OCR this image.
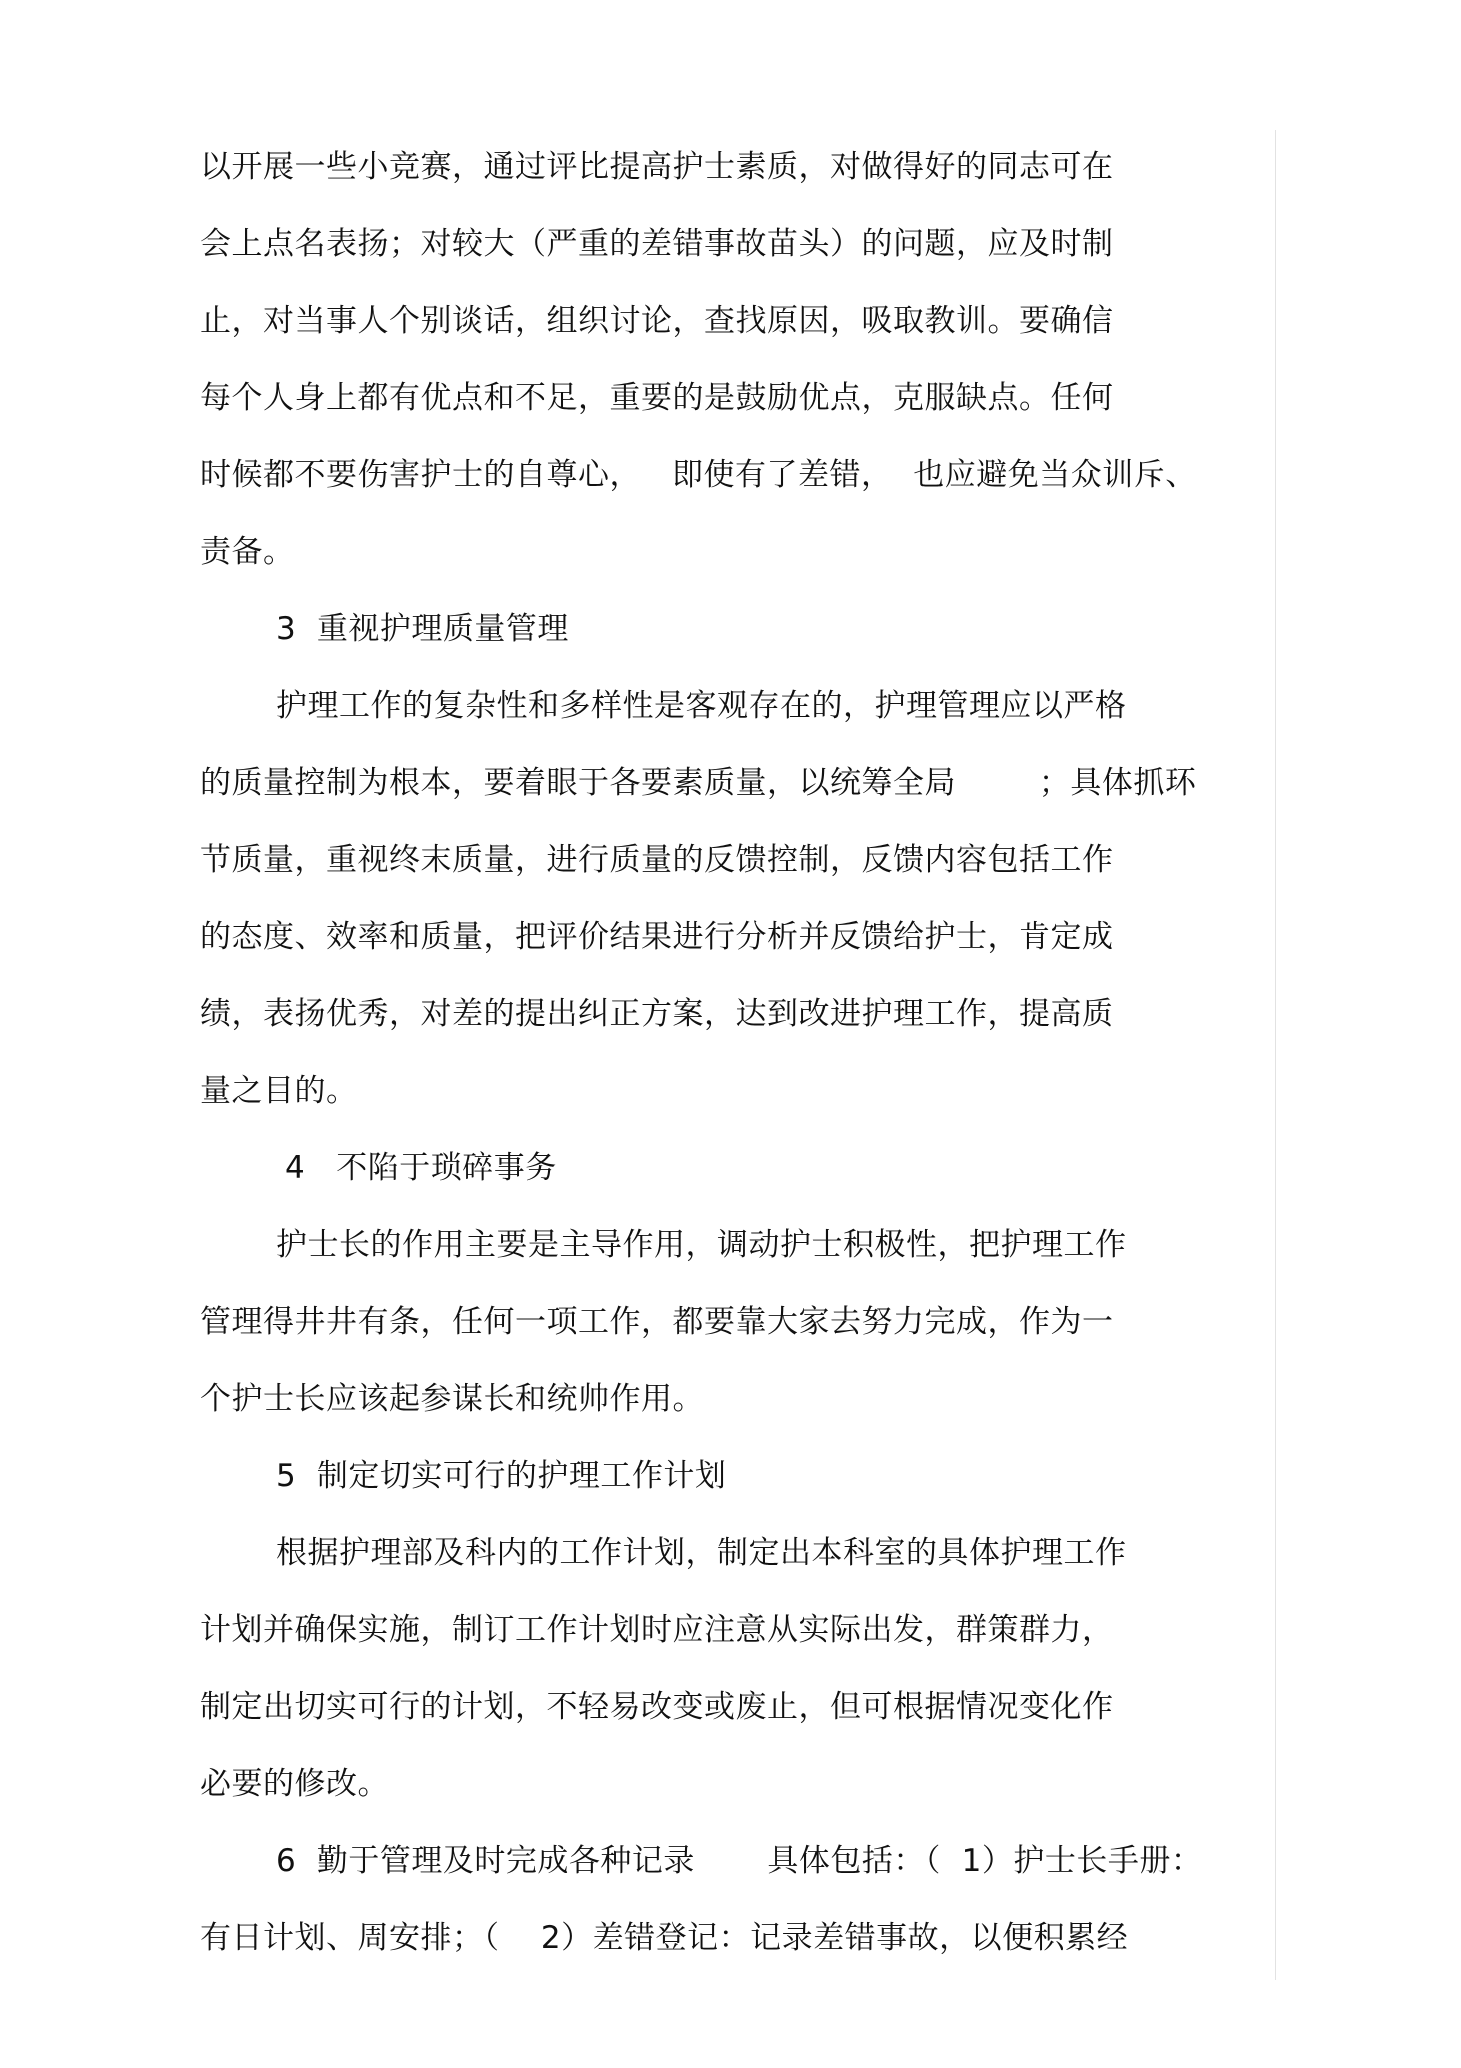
以开展一些小竞赛，通过评比提高护士素质，对做得好的同志可在
会上点名表扬；对较大（严重的差错事故苗头）的问题，应及时制
止，对当事人个别谈话，组织讨论，查找原因，吸取教训。要确信
每个人身上都有优点和不足，重要的是鼓励优点，克服缺点。任何
时候都不要伤害护士的自尊心，   即使有了差错，  也应避免当众训斥、
责备。
3  重视护理质量管理
护理工作的复杂性和多样性是客观存在的，护理管理应以严格
的质量控制为根本，要着眼于各要素质量，以统筹全局        ；具体抓环
节质量，重视终末质量，进行质量的反馈控制，反馈内容包括工作
的态度、效率和质量，把评价结果进行分析并反馈给护士，肯定成
绩，表扬优秀，对差的提出纠正方案，达到改进护理工作，提高质
量之目的。
4   不陷于琐碎事务
护士长的作用主要是主导作用，调动护士积极性，把护理工作
管理得井井有条，任何一项工作，都要靠大家去努力完成，作为一
个护士长应该起参谋长和统帅作用。
5  制定切实可行的护理工作计划
根据护理部及科内的工作计划，制定出本科室的具体护理工作
计划并确保实施，制订工作计划时应注意从实际出发，群策群力，
制定出切实可行的计划，不轻易改变或废止，但可根据情况变化作
必要的修改。
6  勤于管理及时完成各种记录       具体包括：（  1）护士长手册：
有日计划、周安排；（    2）差错登记：记录差错事故，以便积累经
